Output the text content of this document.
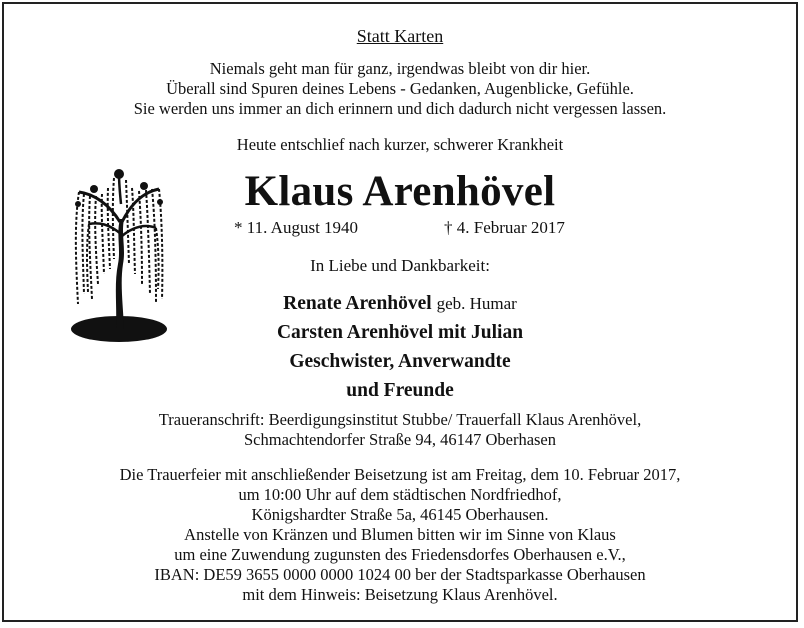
Statt Karten
Niemals geht man für ganz, irgendwas bleibt von dir hier.
Überall sind Spuren deines Lebens - Gedanken, Augenblicke, Gefühle.
Sie werden uns immer an dich erinnern und dich dadurch nicht vergessen lassen.
Heute entschlief nach kurzer, schwerer Krankheit
Klaus Arenhövel
* 11. August 1940	† 4. Februar 2017
In Liebe und Dankbarkeit:
Renate Arenhövel geb. Humar
Carsten Arenhövel mit Julian
Geschwister, Anverwandte
und Freunde
Traueranschrift: Beerdigungsinstitut Stubbe/ Trauerfall Klaus Arenhövel,
Schmachtendorfer Straße 94, 46147 Oberhasen
Die Trauerfeier mit anschließender Beisetzung ist am Freitag, dem 10. Februar 2017,
um 10:00 Uhr auf dem städtischen Nordfriedhof,
Königshardter Straße 5a, 46145 Oberhausen.
Anstelle von Kränzen und Blumen bitten wir im Sinne von Klaus
um eine Zuwendung zugunsten des Friedensdorfes Oberhausen e.V.,
IBAN: DE59 3655 0000 0000 1024 00 ber der Stadtsparkasse Oberhausen
mit dem Hinweis: Beisetzung Klaus Arenhövel.
